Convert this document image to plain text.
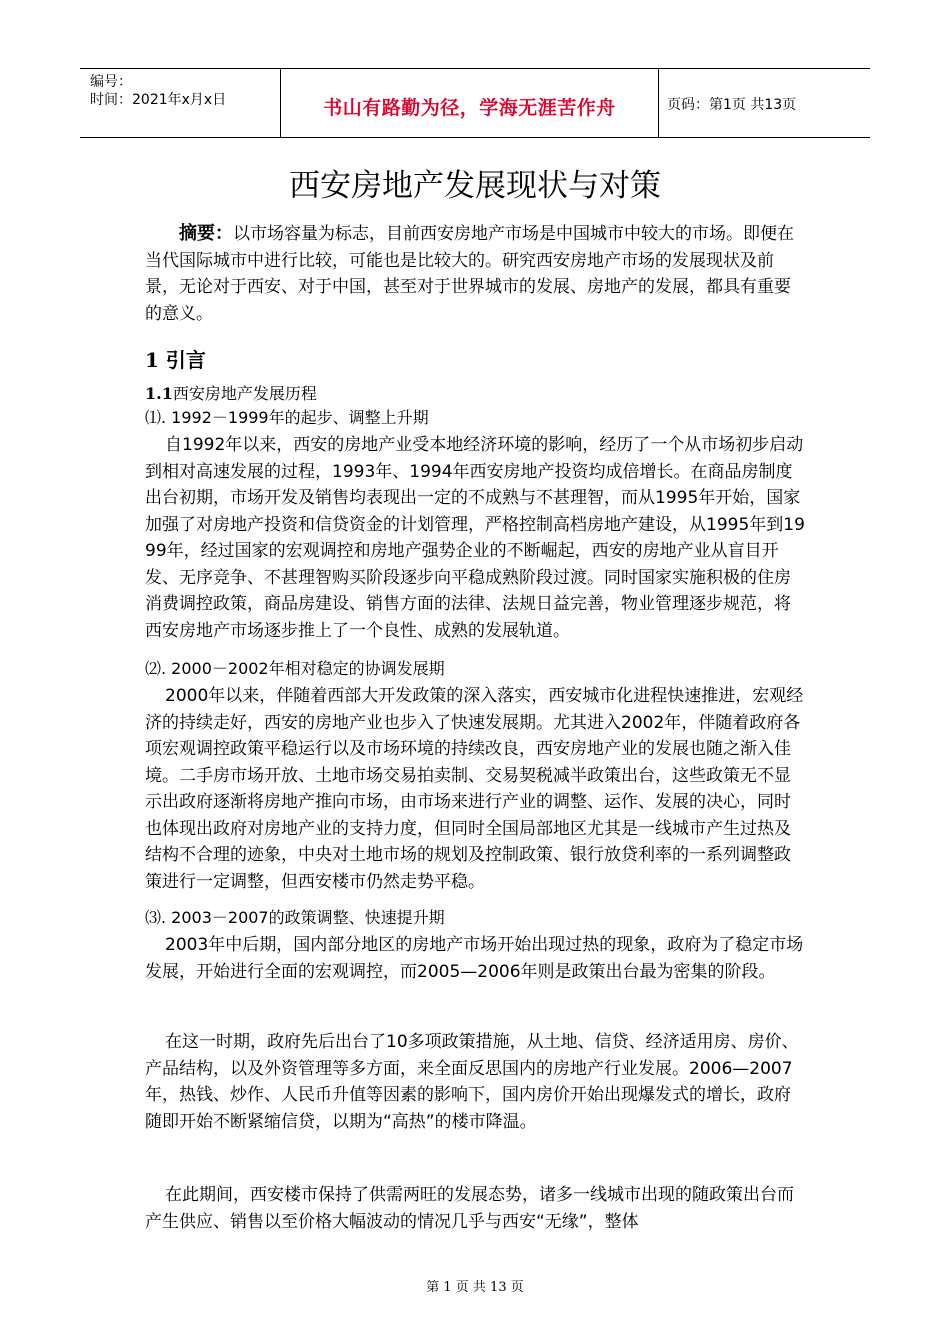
编号：
时间：2021年x月x日	书山有路勤为径，学海无涯苦作舟	页码：第1页 共13页
西安房地产发展现状与对策

摘要：以市场容量为标志，目前西安房地产市场是中国城市中较大的市场。即便在当代国际城市中进行比较，可能也是比较大的。研究西安房地产市场的发展现状及前景，无论对于西安、对于中国，甚至对于世界城市的发展、房地产的发展，都具有重要的意义。

1 引言
1.1西安房地产发展历程
⑴. 1992－1999年的起步、调整上升期

自1992年以来，西安的房地产业受本地经济环境的影响，经历了一个从市场初步启动到相对高速发展的过程，1993年、1994年西安房地产投资均成倍增长。在商品房制度出台初期，市场开发及销售均表现出一定的不成熟与不甚理智，而从1995年开始，国家加强了对房地产投资和信贷资金的计划管理，严格控制高档房地产建设，从1995年到1999年，经过国家的宏观调控和房地产强势企业的不断崛起，西安的房地产业从盲目开发、无序竞争、不甚理智购买阶段逐步向平稳成熟阶段过渡。同时国家实施积极的住房消费调控政策，商品房建设、销售方面的法律、法规日益完善，物业管理逐步规范，将西安房地产市场逐步推上了一个良性、成熟的发展轨道。

⑵. 2000－2002年相对稳定的协调发展期

2000年以来，伴随着西部大开发政策的深入落实，西安城市化进程快速推进，宏观经济的持续走好，西安的房地产业也步入了快速发展期。尤其进入2002年，伴随着政府各项宏观调控政策平稳运行以及市场环境的持续改良，西安房地产业的发展也随之渐入佳境。二手房市场开放、土地市场交易拍卖制、交易契税减半政策出台，这些政策无不显示出政府逐渐将房地产推向市场，由市场来进行产业的调整、运作、发展的决心，同时也体现出政府对房地产业的支持力度，但同时全国局部地区尤其是一线城市产生过热及结构不合理的迹象，中央对土地市场的规划及控制政策、银行放贷利率的一系列调整政策进行一定调整，但西安楼市仍然走势平稳。

⑶. 2003－2007的政策调整、快速提升期

2003年中后期，国内部分地区的房地产市场开始出现过热的现象，政府为了稳定市场发展，开始进行全面的宏观调控，而2005—2006年则是政策出台最为密集的阶段。

在这一时期，政府先后出台了10多项政策措施，从土地、信贷、经济适用房、房价、产品结构，以及外资管理等多方面，来全面反思国内的房地产行业发展。2006—2007年，热钱、炒作、人民币升值等因素的影响下，国内房价开始出现爆发式的增长，政府随即开始不断紧缩信贷，以期为“高热”的楼市降温。

在此期间，西安楼市保持了供需两旺的发展态势，诸多一线城市出现的随政策出台而产生供应、销售以至价格大幅波动的情况几乎与西安“无缘”，整体

第 1 页 共 13 页
